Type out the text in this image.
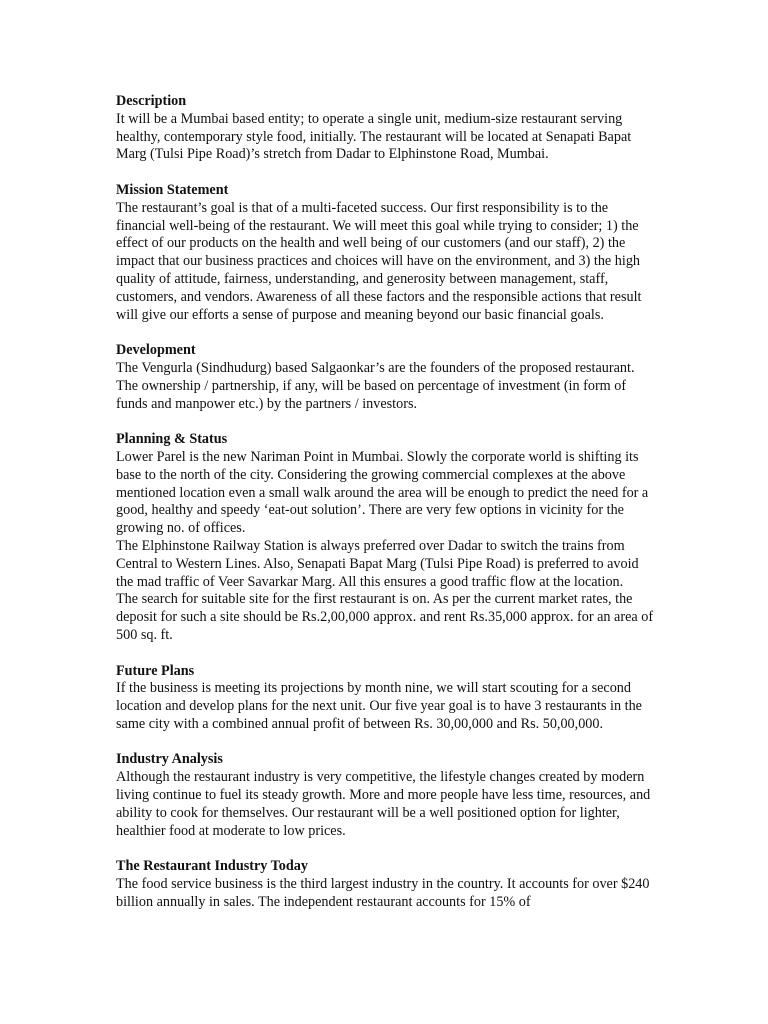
Description

It will be a Mumbai based entity; to operate a single unit, medium-size restaurant serving healthy, contemporary style food, initially. The restaurant will be located at Senapati Bapat Marg (Tulsi Pipe Road)’s stretch from Dadar to Elphinstone Road, Mumbai.

Mission Statement

The restaurant’s goal is that of a multi-faceted success. Our first responsibility is to the financial well-being of the restaurant. We will meet this goal while trying to consider; 1) the effect of our products on the health and well being of our customers (and our staff), 2) the impact that our business practices and choices will have on the environment, and 3) the high quality of attitude, fairness, understanding, and generosity between management, staff, customers, and vendors. Awareness of all these factors and the responsible actions that result will give our efforts a sense of purpose and meaning beyond our basic financial goals.

Development

The Vengurla (Sindhudurg) based Salgaonkar’s are the founders of the proposed restaurant. The ownership / partnership, if any, will be based on percentage of investment (in form of funds and manpower etc.) by the partners / investors.

Planning & Status

Lower Parel is the new Nariman Point in Mumbai. Slowly the corporate world is shifting its base to the north of the city. Considering the growing commercial complexes at the above mentioned location even a small walk around the area will be enough to predict the need for a good, healthy and speedy ‘eat-out solution’. There are very few options in vicinity for the growing no. of offices.

The Elphinstone Railway Station is always preferred over Dadar to switch the trains from Central to Western Lines. Also, Senapati Bapat Marg (Tulsi Pipe Road) is preferred to avoid the mad traffic of Veer Savarkar Marg. All this ensures a good traffic flow at the location.

The search for suitable site for the first restaurant is on. As per the current market rates, the deposit for such a site should be Rs.2,00,000 approx. and rent Rs.35,000 approx. for an area of 500 sq. ft.

Future Plans

If the business is meeting its projections by month nine, we will start scouting for a second location and develop plans for the next unit. Our five year goal is to have 3 restaurants in the same city with a combined annual profit of between Rs. 30,00,000 and Rs. 50,00,000.

Industry Analysis

Although the restaurant industry is very competitive, the lifestyle changes created by modern living continue to fuel its steady growth. More and more people have less time, resources, and ability to cook for themselves. Our restaurant will be a well positioned option for lighter, healthier food at moderate to low prices.

The Restaurant Industry Today

The food service business is the third largest industry in the country. It accounts for over $240 billion annually in sales. The independent restaurant accounts for 15% of
